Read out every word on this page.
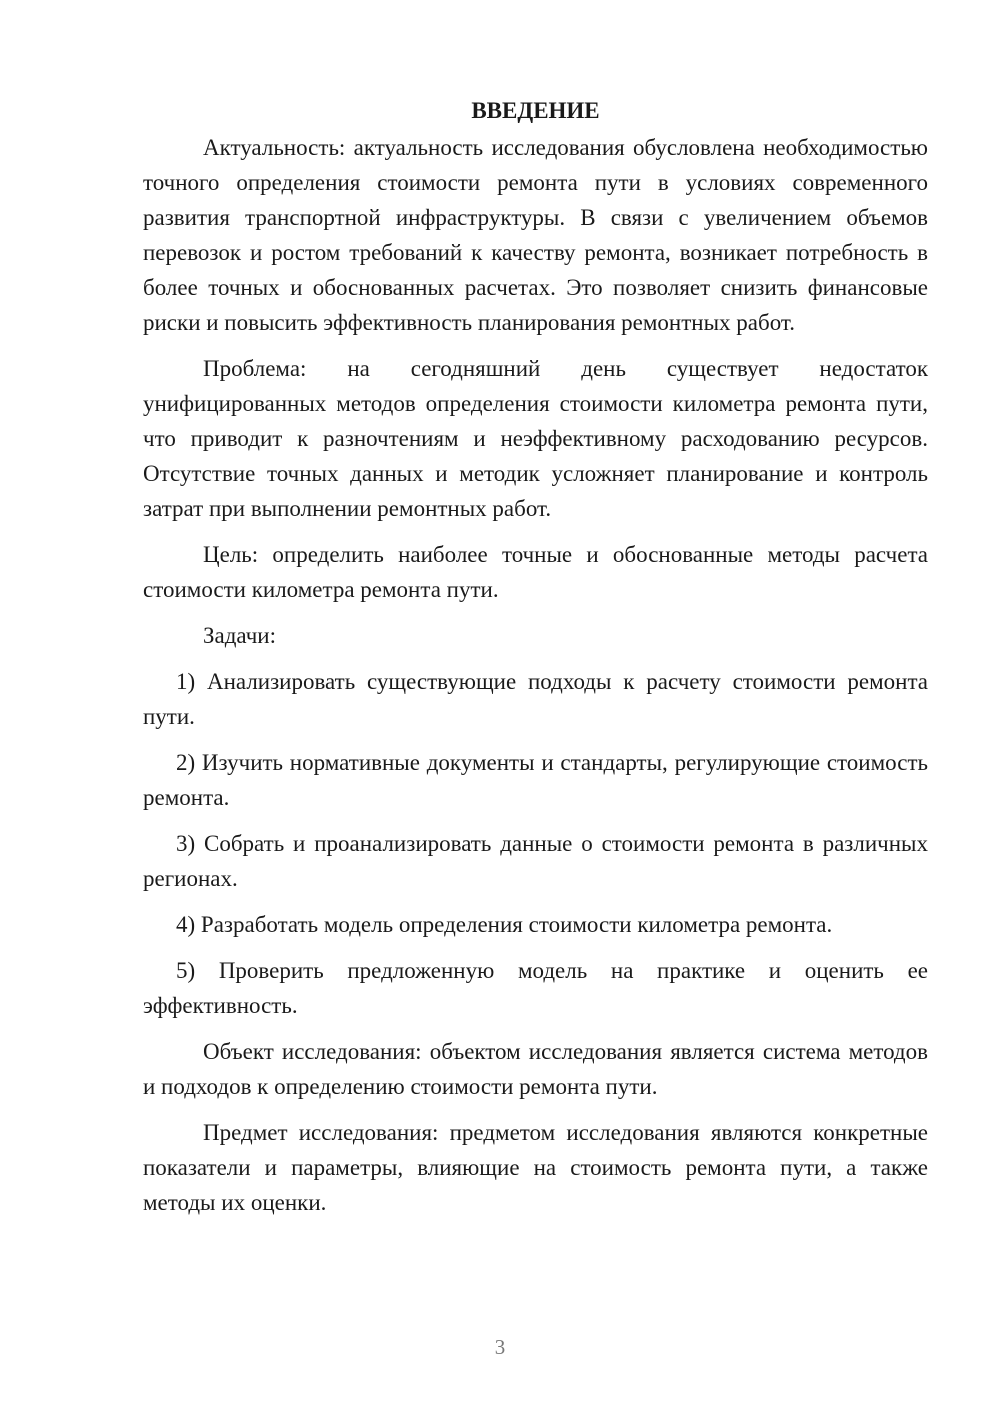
ВВЕДЕНИЕ

Актуальность: актуальность исследования обусловлена необходимостью точного определения стоимости ремонта пути в условиях современного развития транспортной инфраструктуры. В связи с увеличением объемов перевозок и ростом требований к качеству ремонта, возникает потребность в более точных и обоснованных расчетах. Это позволяет снизить финансовые риски и повысить эффективность планирования ремонтных работ.

Проблема: на сегодняшний день существует недостаток унифицированных методов определения стоимости километра ремонта пути, что приводит к разночтениям и неэффективному расходованию ресурсов. Отсутствие точных данных и методик усложняет планирование и контроль затрат при выполнении ремонтных работ.

Цель: определить наиболее точные и обоснованные методы расчета стоимости километра ремонта пути.

Задачи:

1) Анализировать существующие подходы к расчету стоимости ремонта пути.

2) Изучить нормативные документы и стандарты, регулирующие стоимость ремонта.

3) Собрать и проанализировать данные о стоимости ремонта в различных регионах.

4) Разработать модель определения стоимости километра ремонта.

5) Проверить предложенную модель на практике и оценить ее эффективность.

Объект исследования: объектом исследования является система методов и подходов к определению стоимости ремонта пути.

Предмет исследования: предметом исследования являются конкретные показатели и параметры, влияющие на стоимость ремонта пути, а также методы их оценки.

3
